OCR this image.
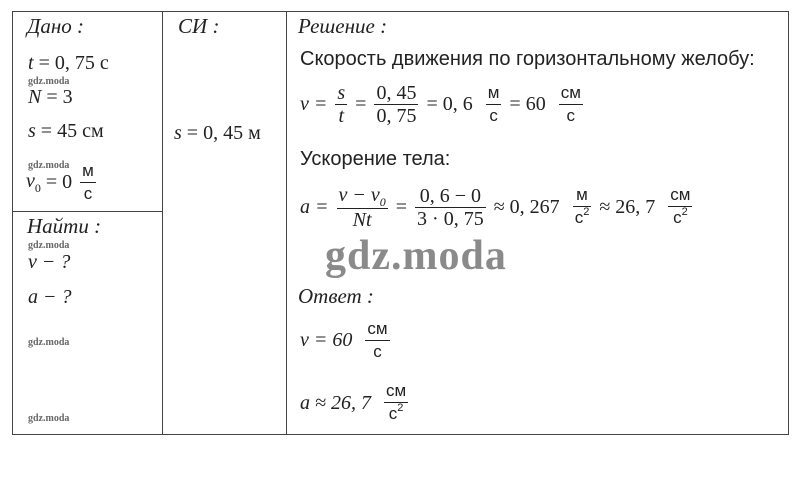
Дано :	СИ :	Решение :
t = 0, 75 с
gdz.moda
N = 3
s = 45 см
gdz.moda
$v_0 = 0 \frac{м}{с}$
Найти :
gdz.moda
v − ?
a − ?
gdz.moda
gdz.moda
s = 0, 45 м
Скорость движения по горизонтальному желобу:
$v = \frac{s}{t} = \frac{0, 45}{0, 75} = 0$, $6 \frac{м}{с} = 60 \frac{см}{с}$
Ускорение тела:
$a = \frac{v - v_0}{Nt} = \frac{0, 6 - 0}{3 \cdot 0, 75} \approx 0$, $267 \frac{м}{с^2} \approx 26$, $7 \frac{см}{с^2}$
gdz.moda
Ответ :
$v = 60 \frac{см}{с}$
a ≈ 26, $7 \frac{см}{с^2}$
